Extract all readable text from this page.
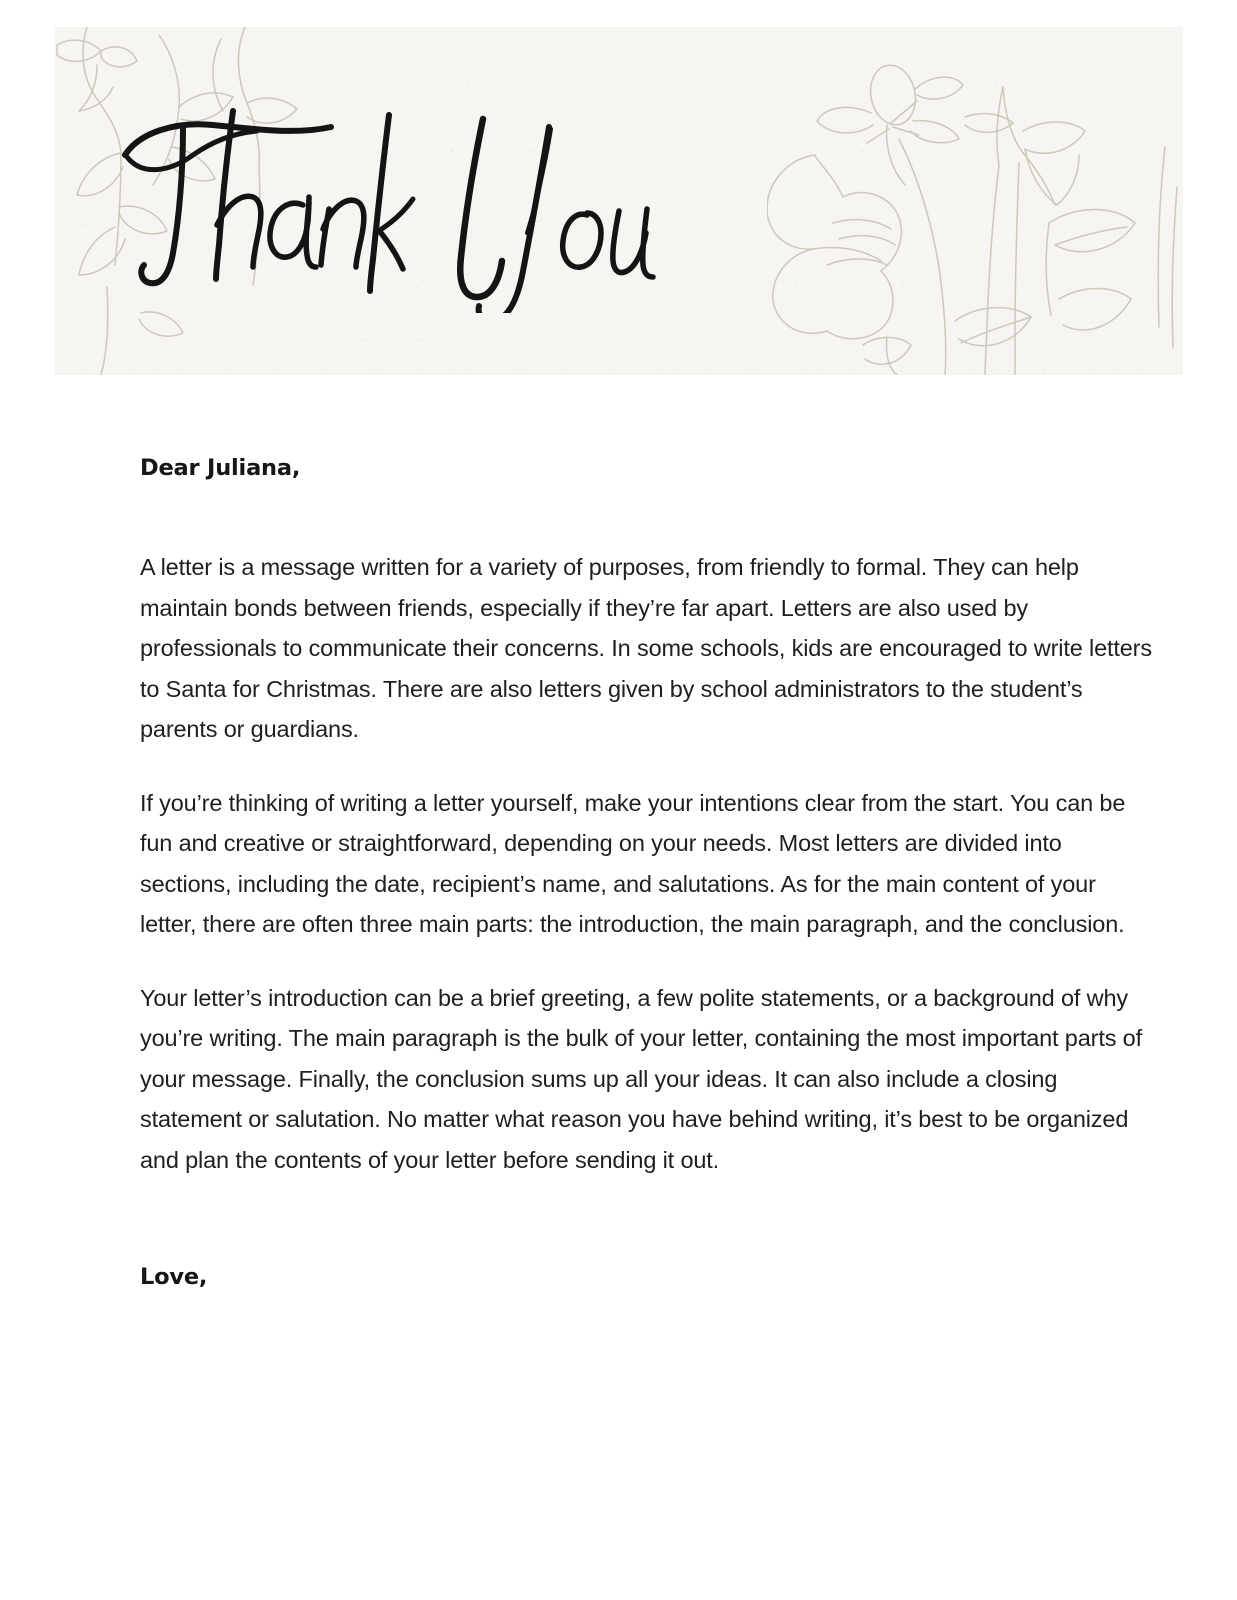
Dear Juliana,

A letter is a message written for a variety of purposes, from friendly to formal. They can help maintain bonds between friends, especially if they’re far apart. Letters are also used by professionals to communicate their concerns. In some schools, kids are encouraged to write letters to Santa for Christmas. There are also letters given by school administrators to the student’s parents or guardians.

If you’re thinking of writing a letter yourself, make your intentions clear from the start. You can be fun and creative or straightforward, depending on your needs. Most letters are divided into sections, including the date, recipient’s name, and salutations. As for the main content of your letter, there are often three main parts: the introduction, the main paragraph, and the conclusion.

Your letter’s introduction can be a brief greeting, a few polite statements, or a background of why you’re writing. The main paragraph is the bulk of your letter, containing the most important parts of your message. Finally, the conclusion sums up all your ideas. It can also include a closing statement or salutation. No matter what reason you have behind writing, it’s best to be organized and plan the contents of your letter before sending it out.

Love,
